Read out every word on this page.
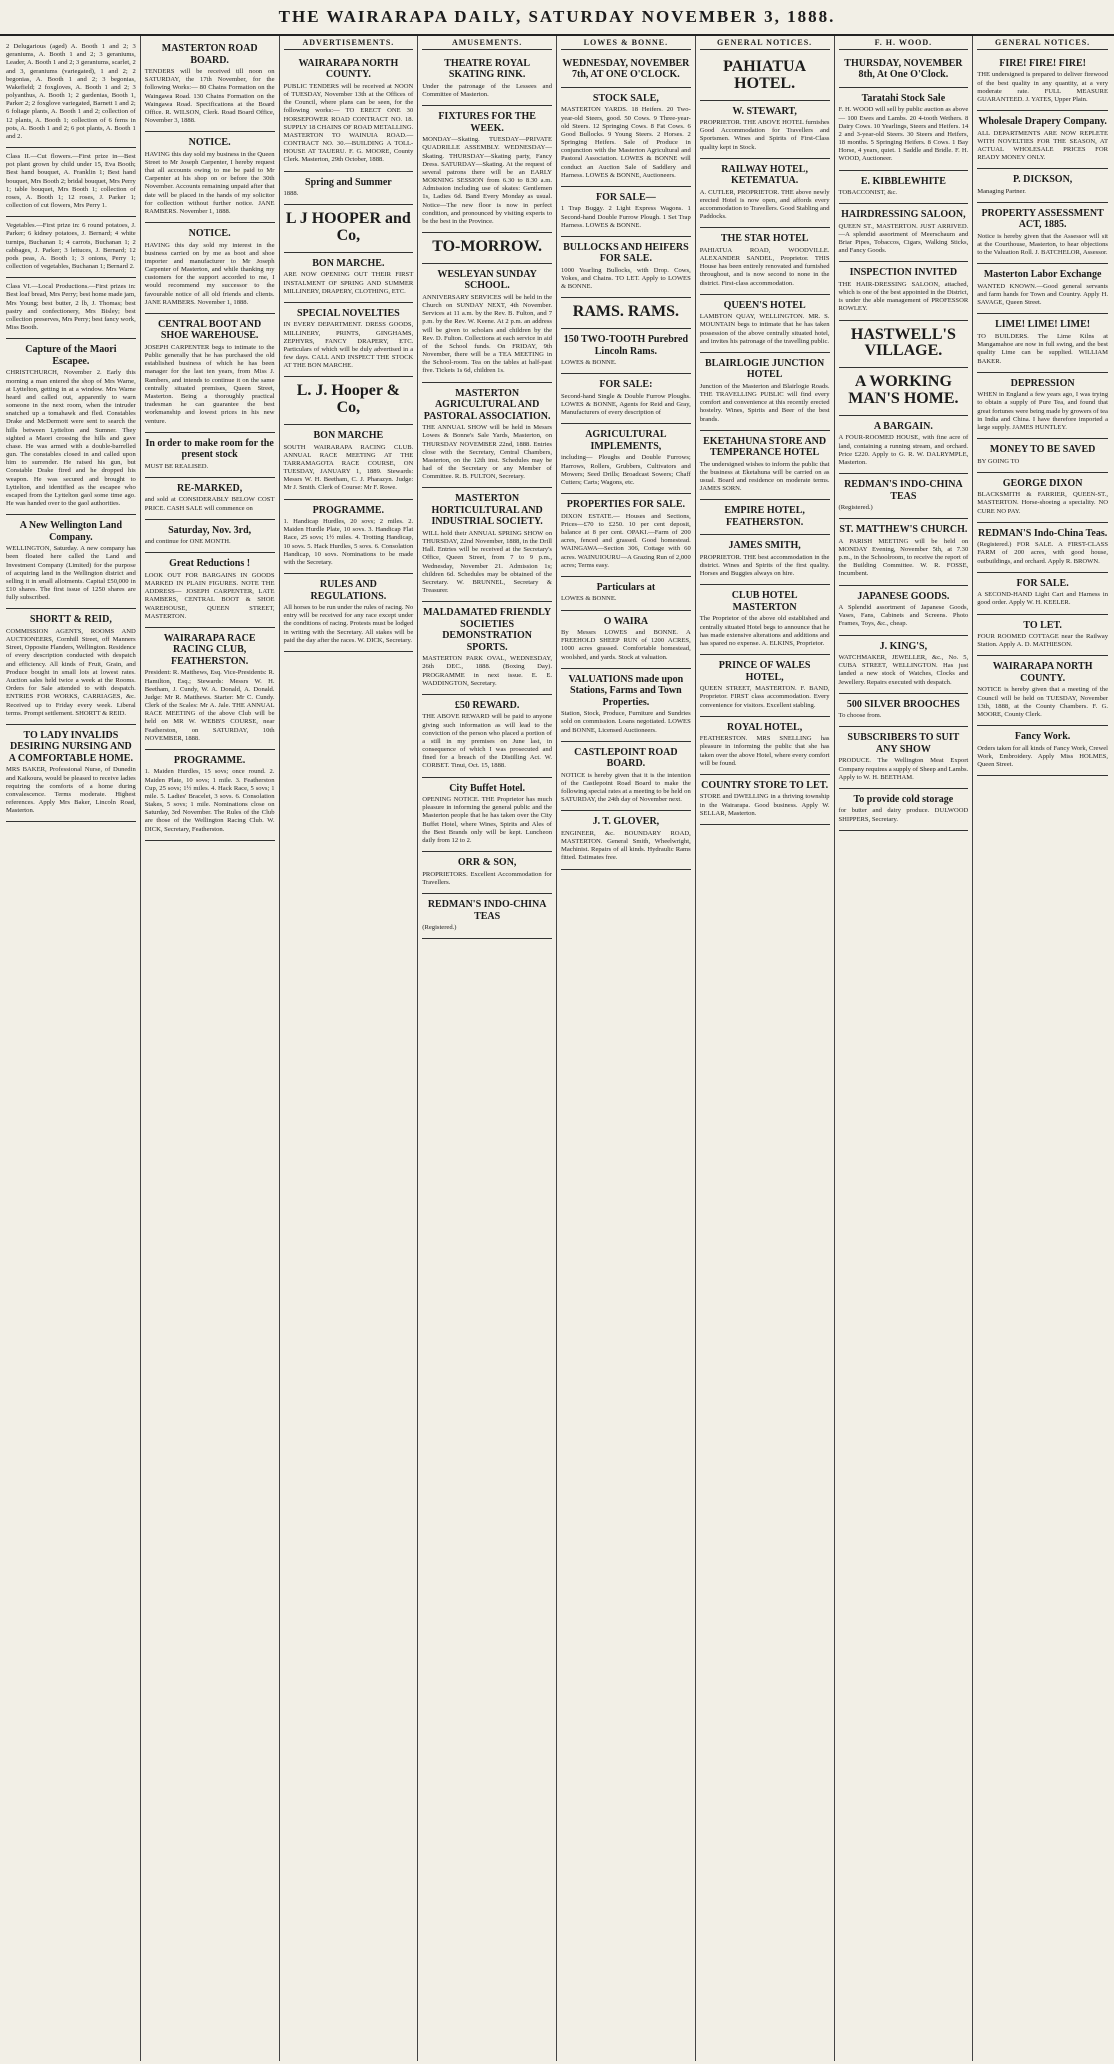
THE WAIRARAPA DAILY, SATURDAY NOVEMBER 3, 1888.
2 Delugarious (aged) A. Booth 1 and 2; 3 geraniums, A. Booth 1 and 2; 3 geraniums, Leader, A. Booth 1 and 2; 3 geraniums, scarlet, 2 and 3, geraniums (variegated), 1 and 2; 2 begonias, A. Booth 1 and 2; 3 begonias, Wakefield; 2 foxgloves, A. Booth 1 and 2; 3 polyanthus, A. Booth 1; 2 gardenias, Booth 1, Parker 2; 2 foxglove variegated, Barnett 1 and 2; 6 foliage plants, A. Booth 1 and 2; collection of 12 plants, A. Booth 1; collection of 6 ferns in pots, A. Booth 1 and 2; 6 pot plants, A. Booth 1 and 2.
Class II.—Cut flowers.—First prize in—Best pot plant grown by child under 15, Eva Booth; Best hand bouquet, A. Franklin 1; Best hand bouquet, Mrs Booth 2; bridal bouquet, Mrs Perry 1; table bouquet, Mrs Booth 1; collection of roses, A. Booth 1; 12 roses, J. Parker 1; collection of cut flowers, Mrs Perry 1.
Vegetables.—First prize in: 6 round potatoes, J. Parker; 6 kidney potatoes, J. Bernard; 4 white turnips, Buchanan 1; 4 carrots, Buchanan 1; 2 cabbages, J. Parker; 3 lettuces, J. Bernard; 12 pods peas, A. Booth 1; 3 onions, Perry 1; collection of vegetables, Buchanan 1; Bernard 2.
Class VI.—Local Productions.—First prizes in: Best loaf bread, Mrs Perry; best home made jam, Mrs Young; best butter, 2 lb, J. Thomas; best pastry and confectionery, Mrs Bisley; best collection preserves, Mrs Perry; best fancy work, Miss Booth.
Capture of the Maori Escapee.
CHRISTCHURCH, November 2. Early this morning a man entered the shop of Mrs Warne, at Lyttelton, getting in at a window. Mrs Warne heard and called out, apparently to warn someone in the next room, when the intruder snatched up a tomahawk and fled. Constables Drake and McDermott were sent to search the hills between Lyttelton and Sumner. They sighted a Maori crossing the hills and gave chase. He was armed with a double-barrelled gun. The constables closed in and called upon him to surrender. He raised his gun, but Constable Drake fired and he dropped his weapon. He was secured and brought to Lyttelton, and identified as the escapee who escaped from the Lyttelton gaol some time ago. He was handed over to the gaol authorities.
A New Wellington Land Company.
WELLINGTON, Saturday. A new company has been floated here called the Land and Investment Company (Limited) for the purpose of acquiring land in the Wellington district and selling it in small allotments. Capital £50,000 in £10 shares. The first issue of 1250 shares are fully subscribed.
SHORTT & REID,
COMMISSION AGENTS, ROOMS AND AUCTIONEERS, Cornhill Street, off Manners Street, Opposite Flanders, Wellington. Residence of every description conducted with despatch and efficiency. All kinds of Fruit, Grain, and Produce bought in small lots at lowest rates. Auction sales held twice a week at the Rooms. Orders for Sale attended to with despatch. ENTRIES FOR WORKS, CARRIAGES, &c. Received up to Friday every week. Liberal terms. Prompt settlement. SHORTT & REID.
TO LADY INVALIDS DESIRING NURSING AND A COMFORTABLE HOME.
MRS BAKER, Professional Nurse, of Dunedin and Kaikoura, would be pleased to receive ladies requiring the comforts of a home during convalescence. Terms moderate. Highest references. Apply Mrs Baker, Lincoln Road, Masterton.
MASTERTON ROAD BOARD.
TENDERS will be received till noon on SATURDAY, the 17th November, for the following Works:— 80 Chains Formation on the Waingawa Road. 130 Chains Formation on the Waingawa Road. Specifications at the Board Office. R. WILSON, Clerk. Road Board Office, November 3, 1888.
NOTICE.
HAVING this day sold my business in the Queen Street to Mr Joseph Carpenter, I hereby request that all accounts owing to me be paid to Mr Carpenter at his shop on or before the 30th November. Accounts remaining unpaid after that date will be placed in the hands of my solicitor for collection without further notice. JANE RAMBERS. November 1, 1888.
NOTICE.
HAVING this day sold my interest in the business carried on by me as boot and shoe importer and manufacturer to Mr Joseph Carpenter of Masterton, and while thanking my customers for the support accorded to me, I would recommend my successor to the favourable notice of all old friends and clients. JANE RAMBERS. November 1, 1888.
CENTRAL BOOT AND SHOE WAREHOUSE.
JOSEPH CARPENTER begs to intimate to the Public generally that he has purchased the old established business of which he has been manager for the last ten years, from Miss J. Rambers, and intends to continue it on the same centrally situated premises, Queen Street, Masterton. Being a thoroughly practical tradesman he can guarantee the best workmanship and lowest prices in his new venture.
In order to make room for the present stock
MUST BE REALISED.
RE-MARKED,
and sold at CONSIDERABLY BELOW COST PRICE. CASH SALE will commence on
Saturday, Nov. 3rd,
and continue for ONE MONTH.
Great Reductions !
LOOK OUT FOR BARGAINS IN GOODS MARKED IN PLAIN FIGURES. NOTE THE ADDRESS— JOSEPH CARPENTER, LATE RAMBERS, CENTRAL BOOT & SHOE WAREHOUSE, QUEEN STREET, MASTERTON.
WAIRARAPA RACE RACING CLUB, FEATHERSTON.
President: R. Matthews, Esq. Vice-Presidents: R. Hamilton, Esq.; Stewards: Messrs W. H. Beetham, J. Cundy, W. A. Donald, A. Donald. Judge: Mr R. Matthews. Starter: Mr C. Cundy. Clerk of the Scales: Mr A. Jale. THE ANNUAL RACE MEETING of the above Club will be held on MR W. WEBB'S COURSE, near Featherston, on SATURDAY, 10th NOVEMBER, 1888.
PROGRAMME.
1. Maiden Hurdles, 15 sovs; once round. 2. Maiden Plate, 10 sovs; 1 mile. 3. Featherston Cup, 25 sovs; 1½ miles. 4. Hack Race, 5 sovs; 1 mile. 5. Ladies' Bracelet, 3 sovs. 6. Consolation Stakes, 5 sovs; 1 mile. Nominations close on Saturday, 3rd November. The Rules of the Club are those of the Wellington Racing Club. W. DICK, Secretary, Featherston.
ADVERTISEMENTS.
WAIRARAPA NORTH COUNTY.
PUBLIC TENDERS will be received at NOON of TUESDAY, November 13th at the Offices of the Council, where plans can be seen, for the following works:— TO ERECT ONE 30 HORSEPOWER ROAD CONTRACT NO. 18. SUPPLY 18 CHAINS OF ROAD METALLING. MASTERTON TO WAINUIA ROAD.—CONTRACT NO. 30.—BUILDING A TOLL-HOUSE AT TAUERU. F. G. MOORE, County Clerk. Masterton, 29th October, 1888.
Spring and Summer
1888.
L J HOOPER and Co,
BON MARCHE.
ARE NOW OPENING OUT THEIR FIRST INSTALMENT OF SPRING AND SUMMER MILLINERY, DRAPERY, CLOTHING, ETC.
SPECIAL NOVELTIES
IN EVERY DEPARTMENT. DRESS GOODS, MILLINERY, PRINTS, GINGHAMS, ZEPHYRS, FANCY DRAPERY, ETC. Particulars of which will be duly advertised in a few days. CALL AND INSPECT THE STOCK AT THE BON MARCHE.
L. J. Hooper & Co,
BON MARCHE
SOUTH WAIRARAPA RACING CLUB. ANNUAL RACE MEETING AT THE TARRAMAGOTA RACE COURSE, ON TUESDAY, JANUARY 1, 1889. Stewards: Messrs W. H. Beetham, C. J. Pharazyn. Judge: Mr J. Smith. Clerk of Course: Mr F. Rowe.
PROGRAMME.
1. Handicap Hurdles, 20 sovs; 2 miles. 2. Maiden Hurdle Plate, 10 sovs. 3. Handicap Flat Race, 25 sovs; 1½ miles. 4. Trotting Handicap, 10 sovs. 5. Hack Hurdles, 5 sovs. 6. Consolation Handicap, 10 sovs. Nominations to be made with the Secretary.
RULES AND REGULATIONS.
All horses to be run under the rules of racing. No entry will be received for any race except under the conditions of racing. Protests must be lodged in writing with the Secretary. All stakes will be paid the day after the races. W. DICK, Secretary.
AMUSEMENTS.
THEATRE ROYAL SKATING RINK.
Under the patronage of the Lessees and Committee of Masterton.
FIXTURES FOR THE WEEK.
MONDAY—Skating. TUESDAY—PRIVATE QUADRILLE ASSEMBLY. WEDNESDAY—Skating. THURSDAY—Skating party, Fancy Dress. SATURDAY—Skating. At the request of several patrons there will be an EARLY MORNING SESSION from 6.30 to 8.30 a.m. Admission including use of skates: Gentlemen 1s, Ladies 6d. Band Every Monday as usual. Notice—The new floor is now in perfect condition, and pronounced by visiting experts to be the best in the Province.
TO-MORROW.
WESLEYAN SUNDAY SCHOOL.
ANNIVERSARY SERVICES will be held in the Church on SUNDAY NEXT, 4th November. Services at 11 a.m. by the Rev. B. Fulton, and 7 p.m. by the Rev. W. Keene. At 2 p.m. an address will be given to scholars and children by the Rev. D. Fulton. Collections at each service in aid of the School funds. On FRIDAY, 9th November, there will be a TEA MEETING in the School-room. Tea on the tables at half-past five. Tickets 1s 6d, children 1s.
MASTERTON AGRICULTURAL AND PASTORAL ASSOCIATION.
THE ANNUAL SHOW will be held in Messrs Lowes & Bonne's Sale Yards, Masterton, on THURSDAY NOVEMBER 22nd, 1888. Entries close with the Secretary, Central Chambers, Masterton, on the 12th inst. Schedules may be had of the Secretary or any Member of Committee. R. B. FULTON, Secretary.
MASTERTON HORTICULTURAL AND INDUSTRIAL SOCIETY.
WILL hold their ANNUAL SPRING SHOW on THURSDAY, 22nd November, 1888, in the Drill Hall. Entries will be received at the Secretary's Office, Queen Street, from 7 to 9 p.m., Wednesday, November 21. Admission 1s; children 6d. Schedules may be obtained of the Secretary. W. BRUNNEL, Secretary & Treasurer.
MALDAMATED FRIENDLY SOCIETIES DEMONSTRATION SPORTS.
MASTERTON PARK OVAL, WEDNESDAY, 26th DEC., 1888. (Boxing Day). PROGRAMME in next issue. E. E. WADDINGTON, Secretary.
£50 REWARD.
THE ABOVE REWARD will be paid to anyone giving such information as will lead to the conviction of the person who placed a portion of a still in my premises on June last, in consequence of which I was prosecuted and fined for a breach of the Distilling Act. W. CORBET. Tinui, Oct. 15, 1888.
City Buffet Hotel.
OPENING NOTICE. THE Proprietor has much pleasure in informing the general public and the Masterton people that he has taken over the City Buffet Hotel, where Wines, Spirits and Ales of the Best Brands only will be kept. Luncheon daily from 12 to 2.
ORR & SON,
PROPRIETORS. Excellent Accommodation for Travellers.
REDMAN'S INDO-CHINA TEAS
(Registered.)
LOWES & BONNE.
WEDNESDAY, NOVEMBER 7th, AT ONE O'CLOCK.
STOCK SALE,
MASTERTON YARDS. 18 Heifers. 20 Two-year-old Steers, good. 50 Cows. 9 Three-year-old Steers. 12 Springing Cows. 8 Fat Cows. 6 Good Bullocks. 9 Young Steers. 2 Horses. 2 Springing Heifers. Sale of Produce in conjunction with the Masterton Agricultural and Pastoral Association. LOWES & BONNE will conduct an Auction Sale of Saddlery and Harness. LOWES & BONNE, Auctioneers.
FOR SALE—
1 Trap Buggy. 2 Light Express Wagons. 1 Second-hand Double Furrow Plough. 1 Set Trap Harness. LOWES & BONNE.
BULLOCKS AND HEIFERS FOR SALE.
1000 Yearling Bullocks, with Drop. Cows, Yokes, and Chains. TO LET. Apply to LOWES & BONNE.
RAMS. RAMS.
150 TWO-TOOTH Purebred Lincoln Rams.
LOWES & BONNE.
FOR SALE:
Second-hand Single & Double Furrow Ploughs. LOWES & BONNE, Agents for Reid and Gray, Manufacturers of every description of
AGRICULTURAL IMPLEMENTS,
including— Ploughs and Double Furrows; Harrows, Rollers, Grubbers, Cultivators and Mowers; Seed Drills; Broadcast Sowers; Chaff Cutters; Carts; Wagons, etc.
PROPERTIES FOR SALE.
DIXON ESTATE.— Houses and Sections, Prices—£70 to £250. 10 per cent deposit, balance at 8 per cent. OPAKI.—Farm of 200 acres, fenced and grassed. Good homestead. WAINGAWA—Section 306, Cottage with 60 acres. WAINUIOURU—A Grazing Run of 2,000 acres; Terms easy.
Particulars at
LOWES & BONNE.
O WAIRA
By Messrs LOWES and BONNE. A FREEHOLD SHEEP RUN of 1200 ACRES, 1000 acres grassed. Comfortable homestead, woolshed, and yards. Stock at valuation.
VALUATIONS made upon Stations, Farms and Town Properties.
Station, Stock, Produce, Furniture and Sundries sold on commission. Loans negotiated. LOWES and BONNE, Licensed Auctioneers.
CASTLEPOINT ROAD BOARD.
NOTICE is hereby given that it is the intention of the Castlepoint Road Board to make the following special rates at a meeting to be held on SATURDAY, the 24th day of November next.
J. T. GLOVER,
ENGINEER, &c. BOUNDARY ROAD, MASTERTON. General Smith, Wheelwright, Machinist. Repairs of all kinds. Hydraulic Rams fitted. Estimates free.
GENERAL NOTICES.
PAHIATUA HOTEL.
W. STEWART,
PROPRIETOR. THE ABOVE HOTEL furnishes Good Accommodation for Travellers and Sportsmen. Wines and Spirits of First-Class quality kept in Stock.
RAILWAY HOTEL, KETEMATUA.
A. CUTLER, PROPRIETOR. THE above newly erected Hotel is now open, and affords every accommodation to Travellers. Good Stabling and Paddocks.
THE STAR HOTEL
PAHIATUA ROAD, WOODVILLE. ALEXANDER SANDEL, Proprietor. THIS House has been entirely renovated and furnished throughout, and is now second to none in the district. First-class accommodation.
QUEEN'S HOTEL
LAMBTON QUAY, WELLINGTON. MR. S. MOUNTAIN begs to intimate that he has taken possession of the above centrally situated hotel, and invites his patronage of the travelling public.
BLAIRLOGIE JUNCTION HOTEL
Junction of the Masterton and Blairlogie Roads. THE TRAVELLING PUBLIC will find every comfort and convenience at this recently erected hostelry. Wines, Spirits and Beer of the best brands.
EKETAHUNA STORE AND TEMPERANCE HOTEL
The undersigned wishes to inform the public that the business at Eketahuna will be carried on as usual. Board and residence on moderate terms. JAMES SORN.
EMPIRE HOTEL, FEATHERSTON.
JAMES SMITH,
PROPRIETOR. THE best accommodation in the district. Wines and Spirits of the first quality. Horses and Buggies always on hire.
CLUB HOTEL MASTERTON
The Proprietor of the above old established and centrally situated Hotel begs to announce that he has made extensive alterations and additions and has spared no expense. A. ELKINS, Proprietor.
PRINCE OF WALES HOTEL,
QUEEN STREET, MASTERTON. F. BAND, Proprietor. FIRST class accommodation. Every convenience for visitors. Excellent stabling.
ROYAL HOTEL,
FEATHERSTON. MRS SNELLING has pleasure in informing the public that she has taken over the above Hotel, where every comfort will be found.
COUNTRY STORE TO LET.
STORE and DWELLING in a thriving township in the Wairarapa. Good business. Apply W. SELLAR, Masterton.
F. H. WOOD.
THURSDAY, NOVEMBER 8th, At One O'Clock.
Taratahi Stock Sale
F. H. WOOD will sell by public auction as above— 100 Ewes and Lambs. 20 4-tooth Wethers. 8 Dairy Cows. 10 Yearlings, Steers and Heifers. 14 2 and 3-year-old Steers. 30 Steers and Heifers, 18 months. 5 Springing Heifers. 8 Cows. 1 Bay Horse, 4 years, quiet. 1 Saddle and Bridle. F. H. WOOD, Auctioneer.
E. KIBBLEWHITE
TOBACCONIST, &c.
HAIRDRESSING SALOON,
QUEEN ST., MASTERTON. JUST ARRIVED.—A splendid assortment of Meerschaum and Briar Pipes, Tobaccos, Cigars, Walking Sticks, and Fancy Goods.
INSPECTION INVITED
THE HAIR-DRESSING SALOON, attached, which is one of the best appointed in the District, is under the able management of PROFESSOR ROWLEY.
HASTWELL'S VILLAGE.
A WORKING MAN'S HOME.
A BARGAIN.
A FOUR-ROOMED HOUSE, with fine acre of land, containing a running stream, and orchard. Price £220. Apply to G. R. W. DALRYMPLE, Masterton.
REDMAN'S INDO-CHINA TEAS
(Registered.)
ST. MATTHEW'S CHURCH.
A PARISH MEETING will be held on MONDAY Evening, November 5th, at 7.30 p.m., in the Schoolroom, to receive the report of the Building Committee. W. R. FOSSE, Incumbent.
JAPANESE GOODS.
A Splendid assortment of Japanese Goods, Vases, Fans, Cabinets and Screens. Photo Frames, Toys, &c., cheap.
J. KING'S,
WATCHMAKER, JEWELLER, &c., No. 5, CUBA STREET, WELLINGTON. Has just landed a new stock of Watches, Clocks and Jewellery. Repairs executed with despatch.
500 SILVER BROOCHES
To choose from.
SUBSCRIBERS TO SUIT ANY SHOW
PRODUCE. The Wellington Meat Export Company requires a supply of Sheep and Lambs. Apply to W. H. BEETHAM.
To provide cold storage
for butter and dairy produce. DULWOOD SHIPPERS, Secretary.
GENERAL NOTICES.
FIRE! FIRE! FIRE!
THE undersigned is prepared to deliver firewood of the best quality in any quantity, at a very moderate rate. FULL MEASURE GUARANTEED. J. YATES, Upper Plain.
Wholesale Drapery Company.
ALL DEPARTMENTS ARE NOW REPLETE WITH NOVELTIES FOR THE SEASON, AT ACTUAL WHOLESALE PRICES FOR READY MONEY ONLY.
P. DICKSON,
Managing Partner.
PROPERTY ASSESSMENT ACT, 1885.
Notice is hereby given that the Assessor will sit at the Courthouse, Masterton, to hear objections to the Valuation Roll. J. BATCHELOR, Assessor.
Masterton Labor Exchange
WANTED KNOWN.—Good general servants and farm hands for Town and Country. Apply H. SAVAGE, Queen Street.
LIME! LIME! LIME!
TO BUILDERS. The Lime Kilns at Mangamahoe are now in full swing, and the best quality Lime can be supplied. WILLIAM BAKER.
DEPRESSION
WHEN in England a few years ago, I was trying to obtain a supply of Pure Tea, and found that great fortunes were being made by growers of tea in India and China. I have therefore imported a large supply. JAMES HUNTLEY.
MONEY TO BE SAVED
BY GOING TO
GEORGE DIXON
BLACKSMITH & FARRIER, QUEEN-ST., MASTERTON. Horse-shoeing a speciality. NO CURE NO PAY.
REDMAN'S Indo-China Teas.
(Registered.) FOR SALE. A FIRST-CLASS FARM of 200 acres, with good house, outbuildings, and orchard. Apply R. BROWN.
FOR SALE.
A SECOND-HAND Light Cart and Harness in good order. Apply W. H. KEELER.
TO LET.
FOUR ROOMED COTTAGE near the Railway Station. Apply A. D. MATHIESON.
WAIRARAPA NORTH COUNTY.
NOTICE is hereby given that a meeting of the Council will be held on TUESDAY, November 13th, 1888, at the County Chambers. F. G. MOORE, County Clerk.
Fancy Work.
Orders taken for all kinds of Fancy Work, Crewel Work, Embroidery. Apply Miss HOLMES, Queen Street.
